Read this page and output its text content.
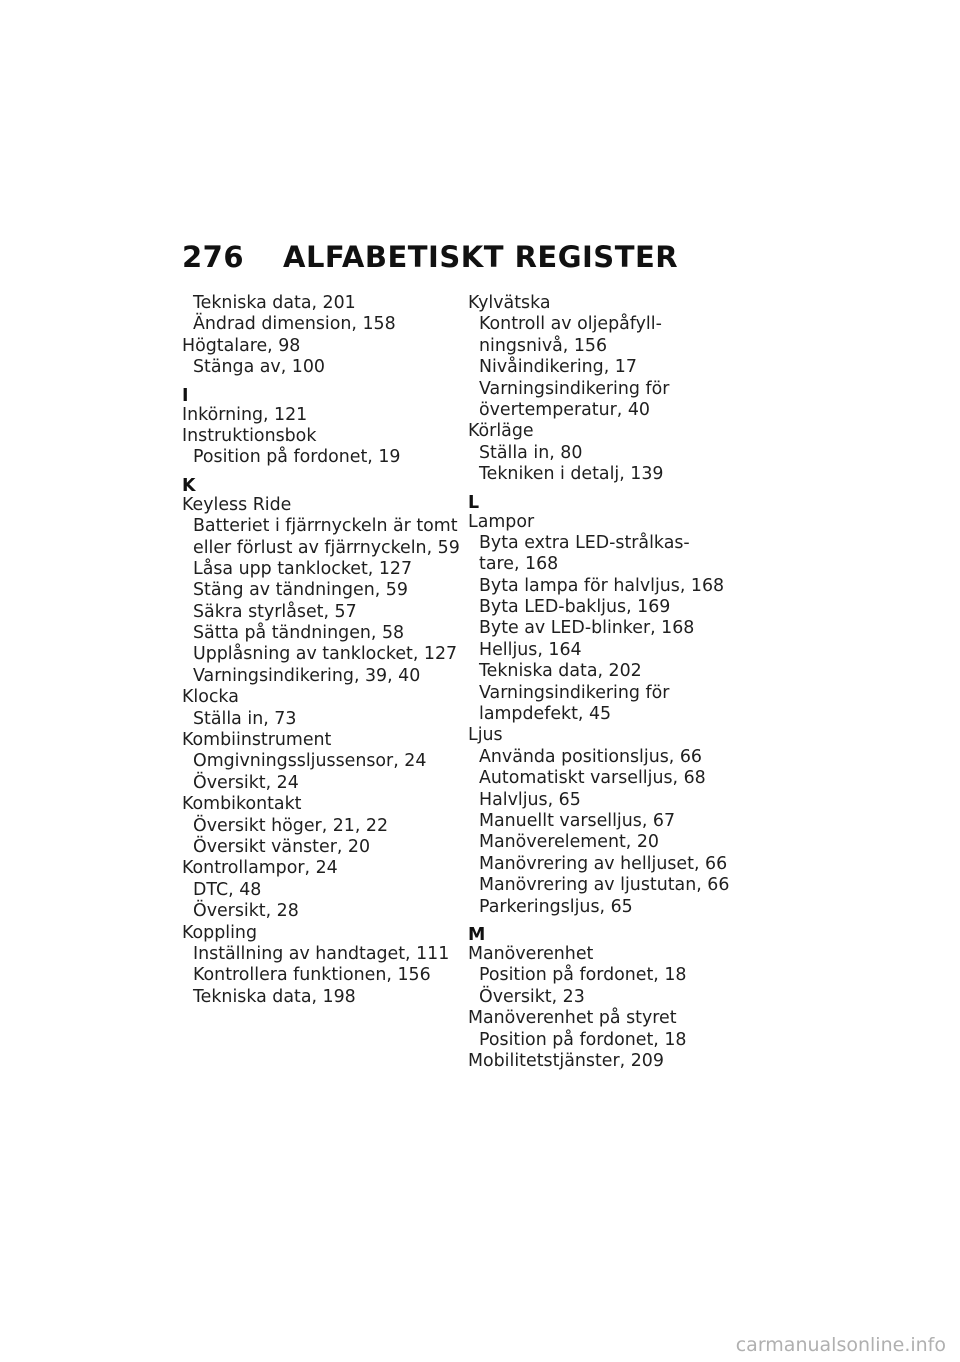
276 ALFABETISKT REGISTER
Tekniska data, 201
Ändrad dimension, 158
Högtalare, 98
Stänga av, 100
I
Inkörning, 121
Instruktionsbok
Position på fordonet, 19
K
Keyless Ride
Batteriet i fjärrnyckeln är tomt
eller förlust av fjärrnyckeln, 59
Låsa upp tanklocket, 127
Stäng av tändningen, 59
Säkra styrlåset, 57
Sätta på tändningen, 58
Upplåsning av tanklocket, 127
Varningsindikering, 39, 40
Klocka
Ställa in, 73
Kombiinstrument
Omgivningssljussensor, 24
Översikt, 24
Kombikontakt
Översikt höger, 21, 22
Översikt vänster, 20
Kontrollampor, 24
DTC, 48
Översikt, 28
Koppling
Inställning av handtaget, 111
Kontrollera funktionen, 156
Tekniska data, 198
Kylvätska
Kontroll av oljepåfyll-
ningsnivå, 156
Nivåindikering, 17
Varningsindikering för
övertemperatur, 40
Körläge
Ställa in, 80
Tekniken i detalj, 139
L
Lampor
Byta extra LED-strålkas-
tare, 168
Byta lampa för halvljus, 168
Byta LED-bakljus, 169
Byte av LED-blinker, 168
Helljus, 164
Tekniska data, 202
Varningsindikering för
lampdefekt, 45
Ljus
Använda positionsljus, 66
Automatiskt varselljus, 68
Halvljus, 65
Manuellt varselljus, 67
Manöverelement, 20
Manövrering av helljuset, 66
Manövrering av ljustutan, 66
Parkeringsljus, 65
M
Manöverenhet
Position på fordonet, 18
Översikt, 23
Manöverenhet på styret
Position på fordonet, 18
Mobilitetstjänster, 209
carmanualsonline.info
